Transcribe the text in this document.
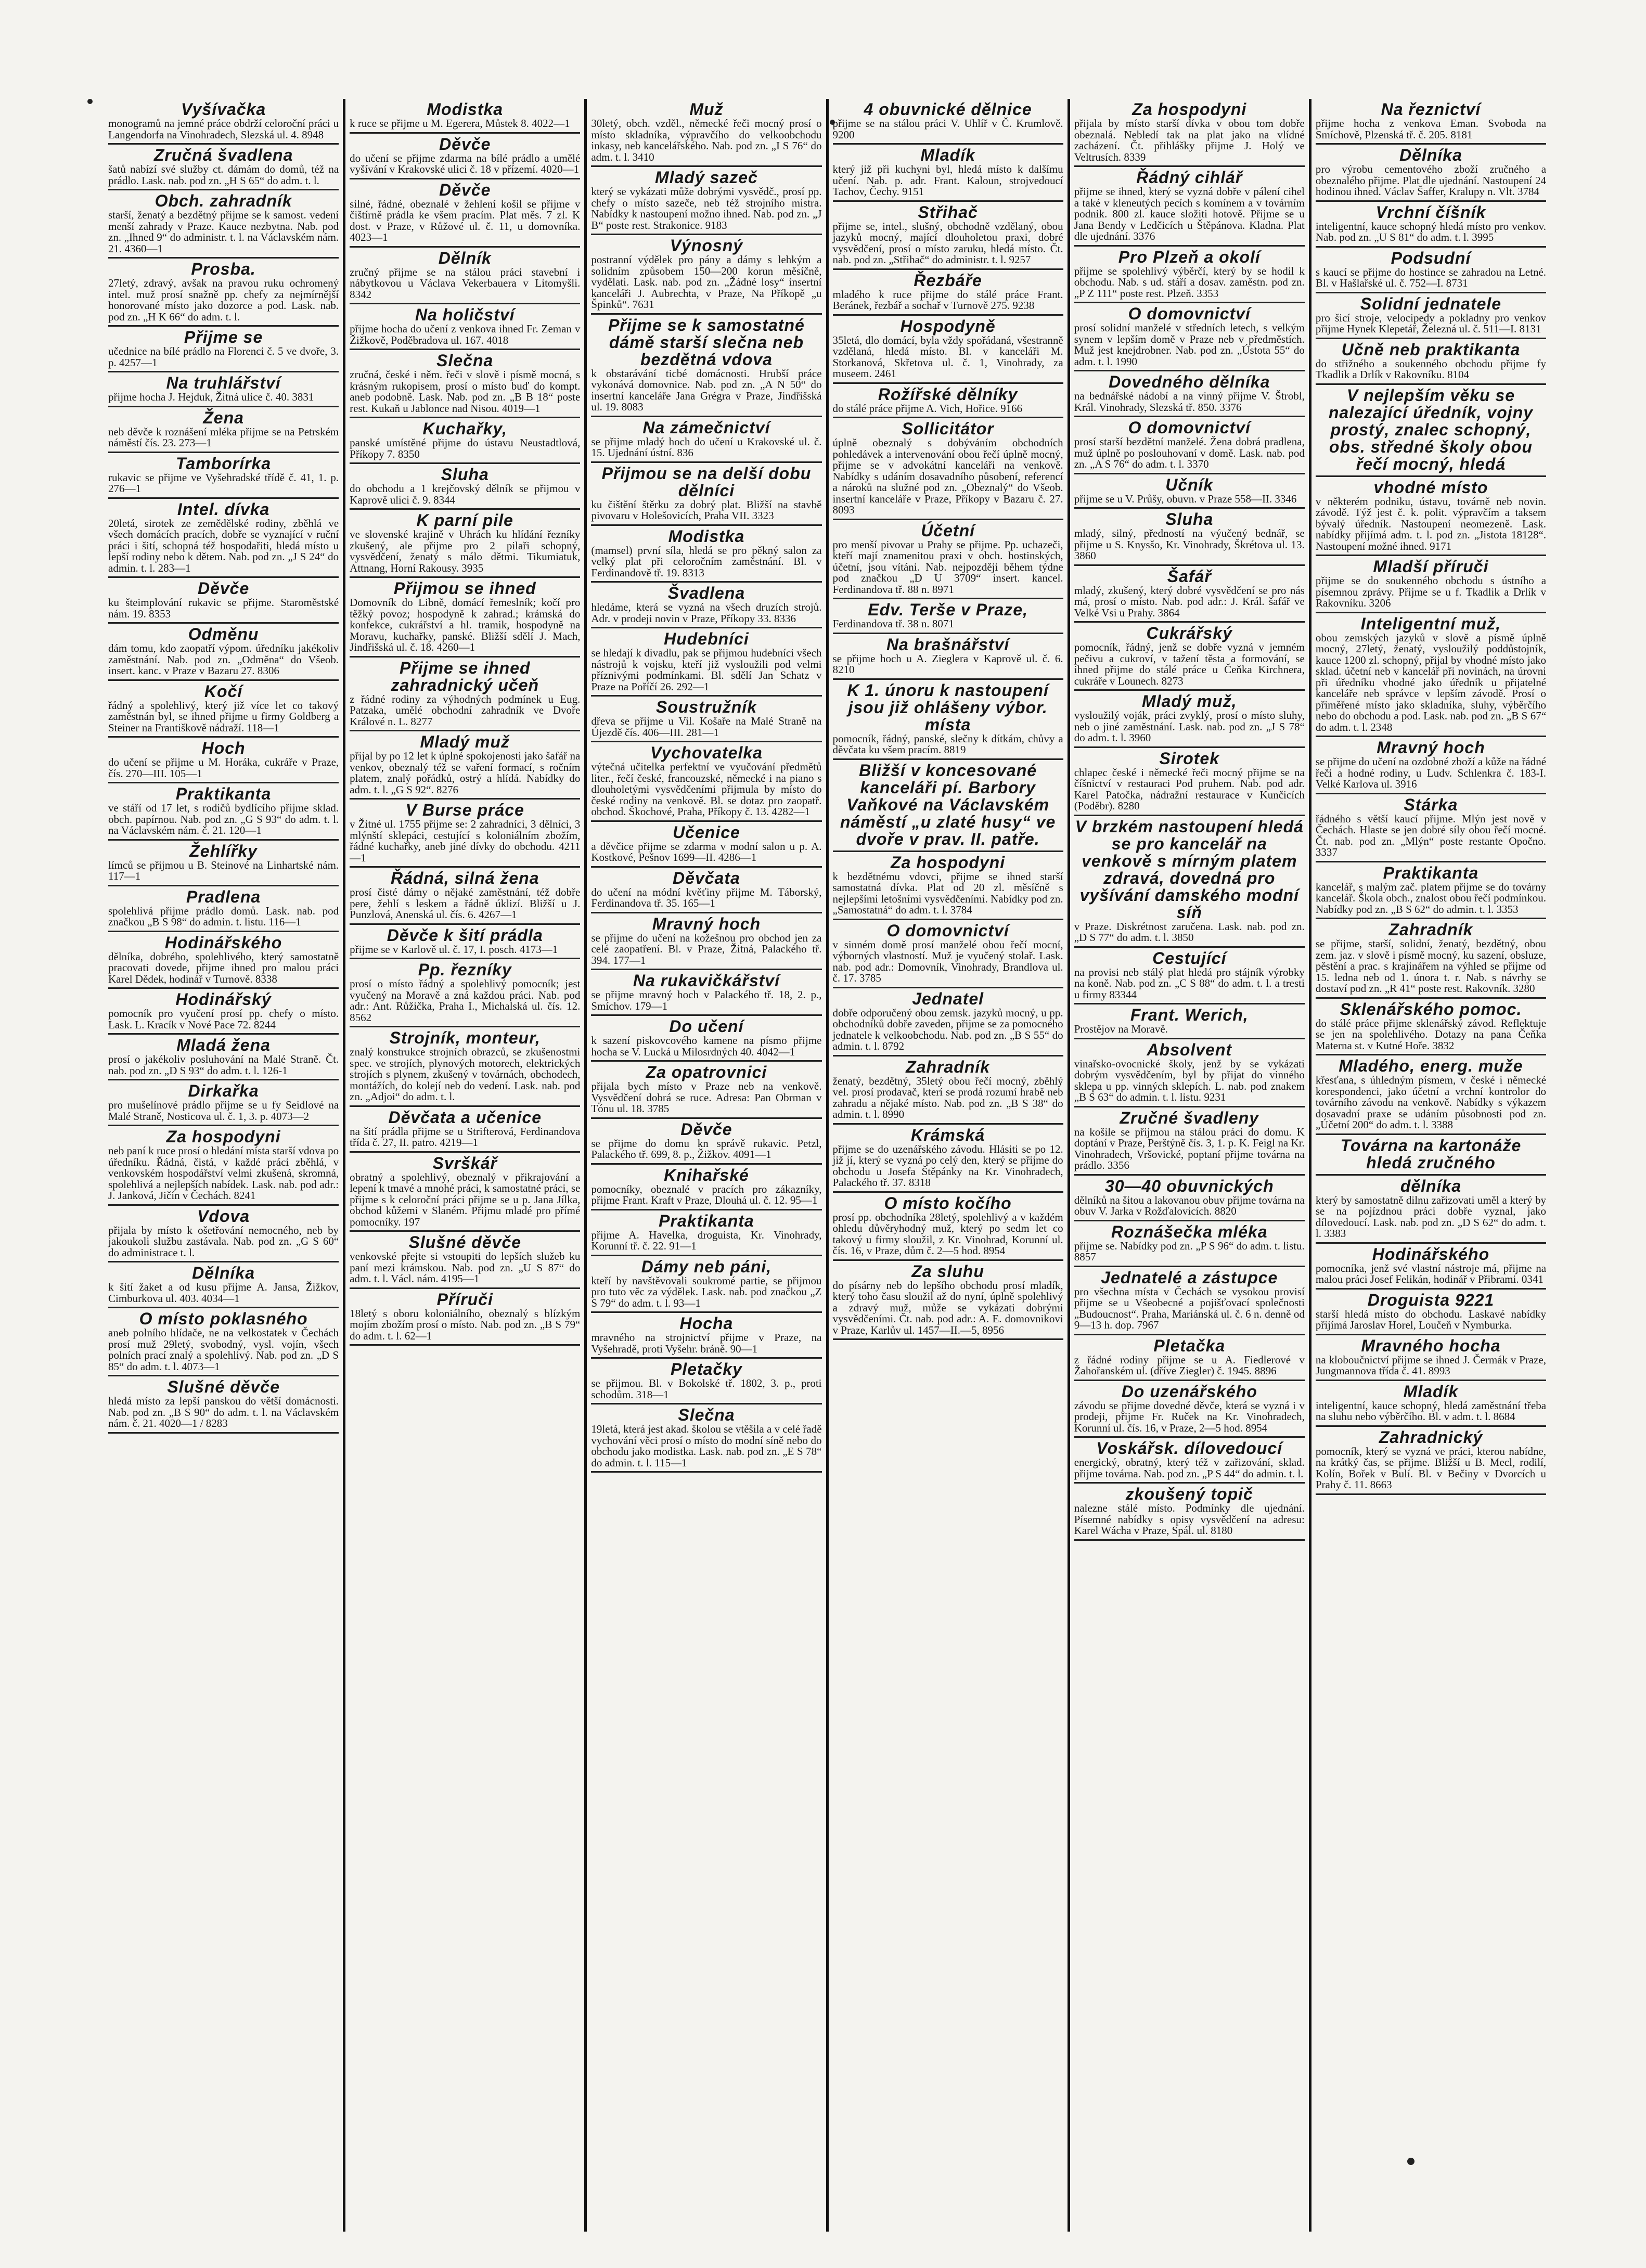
Vyšívačka
monogramů na jemné práce obdrží celoroční práci u Langendorfa na Vinohradech, Slezská ul. 4. 8948
Zručná švadlena
šatů nabízí své služby ct. dámám do domů, též na prádlo. Lask. nab. pod zn. „H S 65“ do adm. t. l.
Obch. zahradník
starší, ženatý a bezdětný přijme se k samost. vedení menší zahrady v Praze. Kauce nezbytna. Nab. pod zn. „Ihned 9“ do administr. t. l. na Václavském nám. 21. 4360—1
Prosba.
27letý, zdravý, avšak na pravou ruku ochromený intel. muž prosí snažně pp. chefy za nejmírnější honorované místo jako dozorce a pod. Lask. nab. pod zn. „H K 66“ do adm. t. l.
Přijme se
učednice na bílé prádlo na Florenci č. 5 ve dvoře, 3. p. 4257—1
Na truhlářství
přijme hocha J. Hejduk, Žitná ulice č. 40. 3831
Žena
neb děvče k roznášení mléka přijme se na Petrském náměstí čís. 23. 273—1
Tamborírka
rukavic se přijme ve Vyšehradské třídě č. 41, 1. p. 276—1
Intel. dívka
20letá, sirotek ze zemědělské rodiny, zběhlá ve všech domácích pracích, dobře se vyznající v ruční práci i šití, schopná též hospodařiti, hledá místo u lepší rodiny nebo k dětem. Nab. pod zn. „J S 24“ do admin. t. l. 283—1
Děvče
ku šteimplování rukavic se přijme. Staroměstské nám. 19. 8353
Odměnu
dám tomu, kdo zaopatří výpom. úředníku jakékoliv zaměstnání. Nab. pod zn. „Odměna“ do Všeob. insert. kanc. v Praze v Bazaru 27. 8306
Kočí
řádný a spolehlivý, který již více let co takový zaměstnán byl, se ihned přijme u firmy Goldberg a Steiner na Františkově nádraží. 118—1
Hoch
do učení se přijme u M. Horáka, cukráře v Praze, čís. 270—III. 105—1
Praktikanta
ve stáří od 17 let, s rodičů bydlícího přijme sklad. obch. papírnou. Nab. pod zn. „G S 93“ do adm. t. l. na Václavském nám. č. 21. 120—1
Žehlířky
límců se přijmou u B. Steinové na Linhartské nám. 117—1
Pradlena
spolehlivá přijme prádlo domů. Lask. nab. pod značkou „B S 98“ do admin. t. listu. 116—1
Hodinářského
dělníka, dobrého, spolehlivého, který samostatně pracovati dovede, přijme ihned pro malou práci Karel Dědek, hodinář v Turnově. 8338
Hodinářský
pomocník pro vyučení prosí pp. chefy o místo. Lask. L. Kracík v Nové Pace 72. 8244
Mladá žena
prosí o jakékoliv posluhování na Malé Straně. Čt. nab. pod zn. „D S 93“ do adm. t. l. 126-1
Dirkařka
pro mušelínové prádlo přijme se u fy Seidlové na Malé Straně, Nosticova ul. č. 1, 3. p. 4073—2
Za hospodyni
neb paní k ruce prosí o hledání místa starší vdova po úředníku. Řádná, čistá, v každé práci zběhlá, v venkovském hospodářství velmi zkušená, skromná, spolehlivá a nejlepších nabídek. Lask. nab. pod adr.: J. Janková, Jičín v Čechách. 8241
Vdova
přijala by místo k ošetřování nemocného, neb by jakoukoli službu zastávala. Nab. pod zn. „G S 60“ do administrace t. l.
Dělníka
k šití žaket a od kusu přijme A. Jansa, Žižkov, Cimburkova ul. 403. 4034—1
O místo poklasného
aneb polního hlídače, ne na velkostatek v Čechách prosí muž 29letý, svobodný, vysl. vojín, všech polních prací znalý a spolehlivý. Nab. pod zn. „D S 85“ do adm. t. l. 4073—1
Slušné děvče
hledá místo za lepší panskou do větší domácnosti. Nab. pod zn. „B S 90“ do adm. t. l. na Václavském nám. č. 21. 4020—1 / 8283
Modistka
k ruce se přijme u M. Egerera, Můstek 8. 4022—1
Děvče
do učení se přijme zdarma na bílé prádlo a umělé vyšívání v Krakovské ulici č. 18 v přízemí. 4020—1
Děvče
silné, řádné, obeznalé v žehlení košil se přijme v čištírně prádla ke všem pracím. Plat měs. 7 zl. K dost. v Praze, v Růžové ul. č. 11, u domovníka. 4023—1
Dělník
zručný přijme se na stálou práci stavební i nábytkovou u Václava Vekerbauera v Litomyšli. 8342
Na holičství
přijme hocha do učení z venkova ihned Fr. Zeman v Žižkově, Poděbradova ul. 167. 4018
Slečna
zručná, české i něm. řeči v slově i písmě mocná, s krásným rukopisem, prosí o místo buď do kompt. aneb podobně. Lask. Nab. pod zn. „B B 18“ poste rest. Kukaň u Jablonce nad Nisou. 4019—1
Kuchařky,
panské umístěné přijme do ústavu Neustadtlová, Příkopy 7. 8350
Sluha
do obchodu a 1 krejčovský dělník se přijmou v Kaprově ulici č. 9. 8344
K parní pile
ve slovenské krajině v Uhrách ku hlídání řezníky zkušený, ale přijme pro 2 pilaři schopný, vysvědčení, ženatý s málo dětmi. Tikumiatuk, Attnang, Horní Rakousy. 3935
Přijmou se ihned
Domovník do Libně, domácí řemeslník; kočí pro těžký povoz; hospodyně k zahrad.; krámská do konfekce, cukrářství a hl. tramik, hospodyně na Moravu, kuchařky, panské. Bližší sdělí J. Mach, Jindřišská ul. č. 18. 4260—1
Přijme se ihned zahradnický učeň
z řádné rodiny za výhodných podmínek u Eug. Patzaka, umělé obchodní zahradník ve Dvoře Králové n. L. 8277
Mladý muž
přijal by po 12 let k úplné spokojenosti jako šafář na venkov, obeznalý též se vaření formací, s ročním platem, znalý pořádků, ostrý a hlídá. Nabídky do adm. t. l. „G S 92“. 8276
V Burse práce
v Žitné ul. 1755 přijme se: 2 zahradníci, 3 dělníci, 3 mlýnští sklepáci, cestující s koloniálním zbožím, řádné kuchařky, aneb jiné dívky do obchodu. 4211—1
Řádná, silná žena
prosí čisté dámy o nějaké zaměstnání, též dobře pere, žehlí s leskem a řádně úklizí. Bližší u J. Punzlová, Anenská ul. čís. 6. 4267—1
Děvče k šití prádla
přijme se v Karlově ul. č. 17, I. posch. 4173—1
Pp. řezníky
prosí o místo řádný a spolehlivý pomocník; jest vyučený na Moravě a zná každou práci. Nab. pod adr.: Ant. Růžička, Praha I., Michalská ul. čís. 12. 8562
Strojník, monteur,
znalý konstrukce strojních obrazců, se zkušenostmi spec. ve strojích, plynových motorech, elektrických strojích s plynem, zkušený v továrnách, obchodech, montážích, do kolejí neb do vedení. Lask. nab. pod zn. „Adjoi“ do adm. t. l.
Děvčata a učenice
na šití prádla přijme se u Strifterová, Ferdinandova třída č. 27, II. patro. 4219—1
Svrškář
obratný a spolehlivý, obeznalý v přikrajování a lepení k tmavé a mnohé práci, k samostatné práci, se přijme s k celoroční práci přijme se u p. Jana Jílka, obchod kůžemi v Slaném. Přijmu mladé pro přímé pomocníky. 197
Slušné děvče
venkovské přejte si vstoupiti do lepších služeb ku paní mezi krámskou. Nab. pod zn. „U S 87“ do adm. t. l. Václ. nám. 4195—1
Příruči
18letý s oboru koloniálního, obeznalý s blízkým mojím zbožím prosí o místo. Nab. pod zn. „B S 79“ do adm. t. l. 62—1
Muž
30letý, obch. vzděl., německé řeči mocný prosí o místo skladníka, výpravčího do velkoobchodu inkasy, neb kancelářského. Nab. pod zn. „I S 76“ do adm. t. l. 3410
Mladý sazeč
který se vykázati může dobrými vysvědč., prosí pp. chefy o místo sazeče, neb též strojního mistra. Nabídky k nastoupení možno ihned. Nab. pod zn. „J B“ poste rest. Strakonice. 9183
Výnosný
postranní výdělek pro pány a dámy s lehkým a solidním způsobem 150—200 korun měsíčně, vydělati. Lask. nab. pod zn. „Žádné losy“ insertní kanceláři J. Aubrechta, v Praze, Na Příkopě „u Špinků“. 7631
Přijme se k samostatné dámě starší slečna neb bezdětná vdova
k obstarávání ticbé domácnosti. Hrubší práce vykonává domovnice. Nab. pod zn. „A N 50“ do insertní kanceláře Jana Grégra v Praze, Jindřišská ul. 19. 8083
Na zámečnictví
se přijme mladý hoch do učení u Krakovské ul. č. 15. Ujednání ústní. 836
Přijmou se na delší dobu dělníci
ku čištění štěrku za dobrý plat. Bližší na stavbě pivovaru v Holešovicích, Praha VII. 3323
Modistka
(mamsel) první síla, hledá se pro pěkný salon za velký plat při celoročním zaměstnání. Bl. v Ferdinandově tř. 19. 8313
Švadlena
hledáme, která se vyzná na všech druzích strojů. Adr. v prodeji novin v Praze, Příkopy 33. 8336
Hudebníci
se hledají k divadlu, pak se přijmou hudebníci všech nástrojů k vojsku, kteří již vysloužili pod velmi příznivými podmínkami. Bl. sdělí Jan Schatz v Praze na Poříčí 26. 292—1
Soustružník
dřeva se přijme u Vil. Košaře na Malé Straně na Újezdě čís. 406—III. 281—1
Vychovatelka
výtečná učitelka perfektní ve vyučování předmětů liter., řečí české, francouzské, německé i na piano s dlouholetými vysvědčeními přijmula by místo do české rodiny na venkově. Bl. se dotaz pro zaopatř. obchod. Škochové, Praha, Příkopy č. 13. 4282—1
Učenice
a děvčice přijme se zdarma v modní salon u p. A. Kostkové, Pešnov 1699—II. 4286—1
Děvčata
do učení na módní kvěťiny přijme M. Táborský, Ferdinandova tř. 35. 165—1
Mravný hoch
se přijme do učení na kožešnou pro obchod jen za celé zaopatření. Bl. v Praze, Žitná, Palackého tř. 394. 177—1
Na rukavičkářství
se přijme mravný hoch v Palackého tř. 18, 2. p., Smíchov. 179—1
Do učení
k sazení piskovcového kamene na písmo přijme hocha se V. Lucká u Milosrdných 40. 4042—1
Za opatrovnici
přijala bych místo v Praze neb na venkově. Vysvědčení dobrá se ruce. Adresa: Pan Obrman v Tónu ul. 18. 3785
Děvče
se přijme do domu kn správě rukavic. Petzl, Palackého tř. 699, 8. p., Žižkov. 4091—1
Knihařské
pomocníky, obeznalé v pracích pro zákazníky, přijme Frant. Kraft v Praze, Dlouhá ul. č. 12. 95—1
Praktikanta
přijme A. Havelka, droguista, Kr. Vinohrady, Korunní tř. č. 22. 91—1
Dámy neb páni,
kteří by navštěvovali soukromé partie, se přijmou pro tuto věc za výdělek. Lask. nab. pod značkou „Z S 79“ do adm. t. l. 93—1
Hocha
mravného na strojnictví přijme v Praze, na Vyšehradě, proti Vyšehr. bráně. 90—1
Pletačky
se přijmou. Bl. v Bokolské tř. 1802, 3. p., proti schodům. 318—1
Slečna
19letá, která jest akad. školou se vtěšila a v celé řadě vychování věci prosí o místo do modní síně nebo do obchodu jako modistka. Lask. nab. pod zn. „E S 78“ do admin. t. l. 115—1
4 obuvnické dělnice
přijme se na stálou práci V. Uhlíř v Č. Krumlově. 9200
Mladík
který již při kuchyni byl, hledá místo k dalšímu učení. Nab. p. adr. Frant. Kaloun, strojvedoucí Tachov, Čechy. 9151
Střihač
přijme se, intel., slušný, obchodně vzdělaný, obou jazyků mocný, mající dlouholetou praxi, dobré vysvědčení, prosí o místo zaruku, hledá místo. Čt. nab. pod zn. „Střihač“ do administr. t. l. 9257
Řezbáře
mladého k ruce přijme do stálé práce Frant. Beránek, řezbář a sochař v Turnově 275. 9238
Hospodyně
35letá, dlo domácí, byla vždy spořádaná, všestranně vzdělaná, hledá místo. Bl. v kanceláři M. Storkanová, Skřetova ul. č. 1, Vinohrady, za museem. 2461
Rožířské dělníky
do stálé práce přijme A. Vich, Hořice. 9166
Sollicitátor
úplně obeznalý s dobýváním obchodních pohledávek a intervenování obou řečí úplně mocný, přijme se v advokátní kanceláři na venkově. Nabídky s udáním dosavadního působení, referencí a nároků na služné pod zn. „Obeznalý“ do Všeob. insertní kanceláře v Praze, Příkopy v Bazaru č. 27. 8093
Účetní
pro menší pivovar u Prahy se přijme. Pp. uchazeči, kteří mají znamenitou praxi v obch. hostinských, účetní, jsou vítáni. Nab. nejpozději během týdne pod značkou „D U 3709“ insert. kancel. Ferdinandova tř. 88 n. 8971
Edv. Terše v Praze,
Ferdinandova tř. 38 n. 8071
Na brašnářství
se přijme hoch u A. Zieglera v Kaprově ul. č. 6. 8210
K 1. únoru k nastoupení jsou již ohlášeny výbor. místa
pomocník, řádný, panské, slečny k dítkám, chůvy a děvčata ku všem pracím. 8819
Bližší v koncesované kanceláři pí. Barbory Vaňkové na Václavském náměstí „u zlaté husy“ ve dvoře v prav. II. patře.
Za hospodyni
k bezdětnému vdovci, přijme se ihned starší samostatná dívka. Plat od 20 zl. měsíčně s nejlepšími letošními vysvědčeními. Nabídky pod zn. „Samostatná“ do adm. t. l. 3784
O domovnictví
v sinném domě prosí manželé obou řečí mocní, výborných vlastností. Muž je vyučený stolař. Lask. nab. pod adr.: Domovník, Vinohrady, Brandlova ul. č. 17. 3785
Jednatel
dobře odporučený obou zemsk. jazyků mocný, u pp. obchodníků dobře zaveden, přijme se za pomocného jednatele k velkoobchodu. Nab. pod zn. „B S 55“ do admin. t. l. 8792
Zahradník
ženatý, bezdětný, 35letý obou řečí mocný, zběhlý vel. prosí prodavač, kterí se prodá rozumí hrabě neb zahradu a nějaké místo. Nab. pod zn. „B S 38“ do admin. t. l. 8990
Krámská
přijme se do uzenářského závodu. Hlásiti se po 12. již jí, který se vyzná po celý den, který se přijme do obchodu u Josefa Štěpánky na Kr. Vinohradech, Palackého tř. 37. 8318
O místo kočího
prosí pp. obchodníka 28letý, spolehlivý a v každém ohledu důvěryhodný muž, který po sedm let co takový u firmy sloužil, z Kr. Vinohrad, Korunní ul. čís. 16, v Praze, dům č. 2—5 hod. 8954
Za sluhu
do písárny neb do lepšího obchodu prosí mladík, který toho času sloužil až do nyní, úplně spolehlivý a zdravý muž, může se vykázati dobrými vysvědčeními. Čt. nab. pod adr.: A. E. domovnikovi v Praze, Karlův ul. 1457—II.—5, 8956
Za hospodyni
přijala by místo starší dívka v obou tom dobře obeznalá. Nebledí tak na plat jako na vlídné zacházení. Čt. přihlášky přijme J. Holý ve Veltrusích. 8339
Řádný cihlář
přijme se ihned, který se vyzná dobře v pálení cihel a také v kleneutých pecích s komínem a v továrním podnik. 800 zl. kauce složiti hotově. Přijme se u Jana Bendy v Ledčicích u Štěpánova. Kladna. Plat dle ujednání. 3376
Pro Plzeň a okolí
přijme se spolehlivý výběrčí, který by se hodil k obchodu. Nab. s ud. stáří a dosav. zaměstn. pod zn. „P Z 111“ poste rest. Plzeň. 3353
O domovnictví
prosí solidní manželé v středních letech, s velkým synem v lepším domě v Praze neb v předměstích. Muž jest knejdrobner. Nab. pod zn. „Ústota 55“ do adm. t. l. 1990
Dovedného dělníka
na bednářské nádobí a na vinný přijme V. Štrobl, Král. Vinohrady, Slezská tř. 850. 3376
O domovnictví
prosí starší bezdětní manželé. Žena dobrá pradlena, muž úplně po poslouhovaní v domě. Lask. nab. pod zn. „A S 76“ do adm. t. l. 3370
Učník
přijme se u V. Průšy, obuvn. v Praze 558—II. 3346
Sluha
mladý, silný, předností na výučený bednář, se přijme u S. Knysšo, Kr. Vinohrady, Škrétova ul. 13. 3860
Šafář
mladý, zkušený, který dobré vysvědčení se pro nás má, prosí o místo. Nab. pod adr.: J. Král. šafář ve Velké Vsi u Prahy. 3864
Cukrářský
pomocník, řádný, jenž se dobře vyzná v jemném pečivu a cukroví, v tažení těsta a formování, se ihned přijme do stálé práce u Čeňka Kirchnera, cukráře v Lounech. 8273
Mladý muž,
vysloužilý voják, práci zvyklý, prosí o místo sluhy, neb o jiné zaměstnání. Lask. nab. pod zn. „J S 78“ do adm. t. l. 3960
Sirotek
chlapec české i německé řeči mocný přijme se na číšnictví v restauraci Pod pruhem. Nab. pod adr. Karel Patočka, nádražní restaurace v Kunčicích (Poděbr). 8280
V brzkém nastoupení hledá se pro kancelář na venkově s mírným platem zdravá, dovedná pro vyšívání damského modní síň
v Praze. Diskrétnost zaručena. Lask. nab. pod zn. „D S 77“ do adm. t. l. 3850
Cestující
na provisi neb stálý plat hledá pro stájník výrobky na koně. Nab. pod zn. „C S 88“ do adm. t. l. a tresti u firmy 83344
Frant. Werich,
Prostějov na Moravě.
Absolvent
vinařsko-ovocnické školy, jenž by se vykázati dobrým vysvědčením, byl by přijat do vinného sklepa u pp. vinných sklepích. L. nab. pod znakem „B S 63“ do admin. t. l. listu. 9231
Zručné švadleny
na košile se přijmou na stálou práci do domu. K doptání v Praze, Perštýně čís. 3, 1. p. K. Feigl na Kr. Vinohradech, Vršovické, poptaní přijme továrna na prádlo. 3356
30—40 obuvnických
dělníků na šitou a lakovanou obuv přijme továrna na obuv V. Jarka v Rožďalovicích. 8820
Roznášečka mléka
přijme se. Nabídky pod zn. „P S 96“ do adm. t. listu. 8857
Jednatelé a zástupce
pro všechna místa v Čechách se vysokou provisí přijme se u Všeobecné a pojišťovací společnosti „Budoucnost“. Praha, Mariánská ul. č. 6 n. denně od 9—13 h. dop. 7967
Pletačka
z řádné rodiny přijme se u A. Fiedlerové v Žahořanském ul. (dříve Ziegler) č. 1945. 8896
Do uzenářského
závodu se přijme dovedné děvče, která se vyzná i v prodeji, přijme Fr. Ruček na Kr. Vinohradech, Korunní ul. čís. 16, v Praze, 2—5 hod. 8954
Voskářsk. dílovedoucí
energický, obratný, který též v zařizování, sklad. přijme továrna. Nab. pod zn. „P S 44“ do admin. t. l.
zkoušený topič
nalezne stálé místo. Podmínky dle ujednání. Písemné nabídky s opisy vysvědčení na adresu: Karel Wácha v Praze, Spál. ul. 8180
Na řeznictví
přijme hocha z venkova Eman. Svoboda na Smíchově, Plzenská tř. č. 205. 8181
Dělníka
pro výrobu cementového zboží zručného a obeznalého přijme. Plat dle ujednání. Nastoupení 24 hodinou ihned. Václav Šaffer, Kralupy n. Vlt. 3784
Vrchní číšník
inteligentní, kauce schopný hledá místo pro venkov. Nab. pod zn. „U S 81“ do adm. t. l. 3995
Podsudní
s kaucí se přijme do hostince se zahradou na Letné. Bl. v Hašlařské ul. č. 752—I. 8731
Solidní jednatele
pro šicí stroje, velocipedy a pokladny pro venkov přijme Hynek Klepetář, Železná ul. č. 511—I. 8131
Učně neb praktikanta
do střižného a soukenného obchodu přijme fy Tkadlik a Drlík v Rakovníku. 8104
V nejlepším věku se nalezající úředník, vojny prostý, znalec schopný, obs. středné školy obou řečí mocný, hledá
vhodné místo
v některém podniku, ústavu, továrně neb novin. závodě. Týž jest č. k. polit. výpravčím a taksem bývalý úředník. Nastoupení neomezeně. Lask. nabídky přijímá adm. t. l. pod zn. „Jistota 18128“. Nastoupení možné ihned. 9171
Mladší příruči
přijme se do soukenného obchodu s ústního a písemnou zprávy. Přijme se u f. Tkadlik a Drlík v Rakovníku. 3206
Inteligentní muž,
obou zemských jazyků v slově a písmě úplně mocný, 27letý, ženatý, vysloužilý poddůstojník, kauce 1200 zl. schopný, přijal by vhodné místo jako sklad. účetní neb v kancelář při novinách, na úrovni při úředníku vhodné jako úředník u přijatelné kanceláře neb správce v lepším závodě. Prosí o přiměřené místo jako skladníka, sluhy, výběrčího nebo do obchodu a pod. Lask. nab. pod zn. „B S 67“ do adm. t. l. 2348
Mravný hoch
se přijme do učení na ozdobné zboží a kůže na řádné řeči a hodné rodiny, u Ludv. Schlenkra č. 183-I. Velké Karlova ul. 3916
Stárka
řádného s větší kaucí přijme. Mlýn jest nově v Čechách. Hlaste se jen dobré síly obou řečí mocné. Čt. nab. pod zn. „Mlýn“ poste restante Opočno. 3337
Praktikanta
kancelář, s malým zač. platem přijme se do továrny kancelář. Škola obch., znalost obou řečí podmínkou. Nabídky pod zn. „B S 62“ do admin. t. l. 3353
Zahradník
se přijme, starší, solidní, ženatý, bezdětný, obou zem. jaz. v slově i písmě mocný, ku sazení, obsluze, pěstění a prac. s krajinářem na výhled se přijme od 15. ledna neb od 1. února t. r. Nab. s návrhy se dostaví pod zn. „R 41“ poste rest. Rakovník. 3280
Sklenářského pomoc.
do stálé práce přijme sklenářský závod. Reflektuje se jen na spolehlivého. Dotazy na pana Čeňka Materna st. v Kutné Hoře. 3832
Mladého, energ. muže
křesťana, s úhledným písmem, v české i německé korespondenci, jako účetní a vrchní kontrolor do továrního závodu na venkově. Nabídky s výkazem dosavadní praxe se udáním působnosti pod zn. „Účetní 200“ do adm. t. l. 3388
Továrna na kartonáže hledá zručného
dělníka
který by samostatně dilnu zařizovati uměl a který by se na pojízdnou práci dobře vyznal, jako dílovedoucí. Lask. nab. pod zn. „D S 62“ do adm. t. l. 3383
Hodinářského
pomocníka, jenž své vlastní nástroje má, přijme na malou práci Josef Felikán, hodinář v Přibrami. 0341
Droguista 9221
starší hledá místo do obchodu. Laskavé nabídky přijímá Jaroslav Horel, Loučeň v Nymburka.
Mravného hocha
na kloboučnictví přijme se ihned J. Čermák v Praze, Jungmannova třída č. 41. 8993
Mladík
inteligentní, kauce schopný, hledá zaměstnání třeba na sluhu nebo výběrčího. Bl. v adm. t. l. 8684
Zahradnický
pomocník, který se vyzná ve práci, kterou nabídne, na krátký čas, se přijme. Bližší u B. Mecl, rodilí, Kolín, Bořek v Bulí. Bl. v Bečiny v Dvorcích u Prahy č. 11. 8663
